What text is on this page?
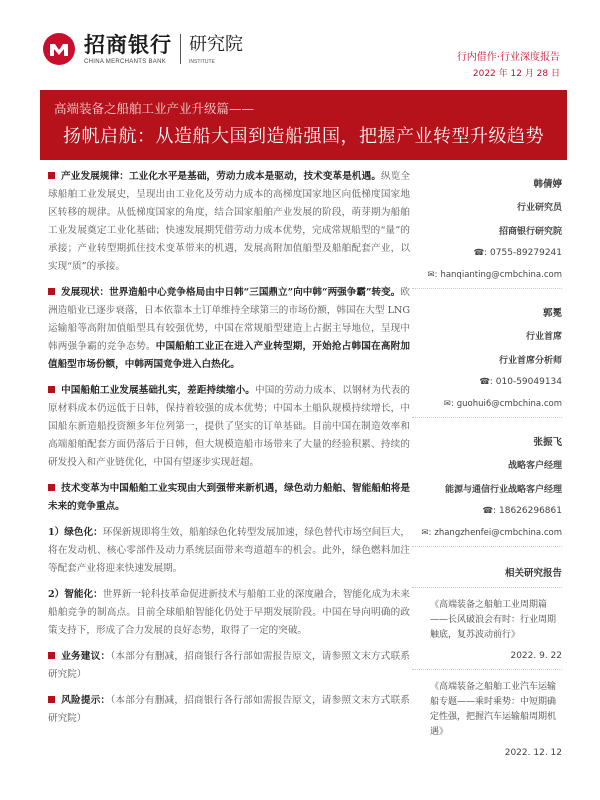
招商银行
CHINA MERCHANTS BANK
研究院
INSTITUTE	行内借作·行业深度报告
2022 年 12 月 28 日
高端装备之船舶工业产业升级篇——
扬帆启航：从造船大国到造船强国，把握产业转型升级趋势

产业发展规律：工业化水平是基础，劳动力成本是驱动，技术变革是机遇。纵览全球船舶工业发展史，呈现出由工业化及劳动力成本的高梯度国家地区向低梯度国家地区转移的规律。从低梯度国家的角度，结合国家船舶产业发展的阶段，萌芽期为船舶工业发展奠定工业化基础；快速发展期凭借劳动力成本优势，完成常规船型的“量”的承接；产业转型期抓住技术变革带来的机遇，发展高附加值船型及船舶配套产业，以实现“质”的承接。

发展现状：世界造船中心竞争格局由中日韩“三国鼎立”向中韩“两强争霸”转变。欧洲造船业已逐步衰落，日本依靠本土订单维持全球第三的市场份额，韩国在大型 LNG 运输船等高附加值船型具有较强优势，中国在常规船型建造上占据主导地位，呈现中韩两强争霸的竞争态势。中国船舶工业正在进入产业转型期，开始抢占韩国在高附加值船型市场份额，中韩两国竞争进入白热化。

中国船舶工业发展基础扎实，差距持续缩小。中国的劳动力成本、以钢材为代表的原材料成本仍远低于日韩，保持着较强的成本优势；中国本土船队规模持续增长，中国船东新造船投资额多年位列第一，提供了坚实的订单基础。目前中国在制造效率和高端船舶配套方面仍落后于日韩，但大规模造船市场带来了大量的经验积累、持续的研发投入和产业链优化，中国有望逐步实现赶超。

技术变革为中国船舶工业实现由大到强带来新机遇，绿色动力船舶、智能船舶将是未来的竞争重点。

1）绿色化：环保新规即将生效，船舶绿色化转型发展加速，绿色替代市场空间巨大，将在发动机、核心零部件及动力系统层面带来弯道超车的机会。此外，绿色燃料加注等配套产业将迎来快速发展期。

2）智能化：世界新一轮科技革命促进新技术与船舶工业的深度融合，智能化成为未来船舶竞争的制高点。目前全球船舶智能化仍处于早期发展阶段。中国在导向明确的政策支持下，形成了合力发展的良好态势，取得了一定的突破。

业务建议：（本部分有删减，招商银行各行部如需报告原文，请参照文末方式联系研究院）

风险提示：（本部分有删减，招商银行各行部如需报告原文，请参照文末方式联系研究院）

韩倩婷
行业研究员
招商银行研究院
☎: 0755-89279241
✉: hanqianting@cmbchina.com
郭冕
行业首席
行业首席分析师
☎: 010-59049134
✉: guohui6@cmbchina.com
张振飞
战略客户经理
能源与通信行业战略客户经理
☎: 18626296861
✉: zhangzhenfei@cmbchina.com
相关研究报告
《高端装备之船舶工业周期篇——长风破浪会有时：行业周期触底，复苏波动前行》
2022. 9. 22
《高端装备之船舶工业汽车运输船专题——乘时乘势：中短期确定性强，把握汽车运输船周期机遇》
2022. 12. 12
